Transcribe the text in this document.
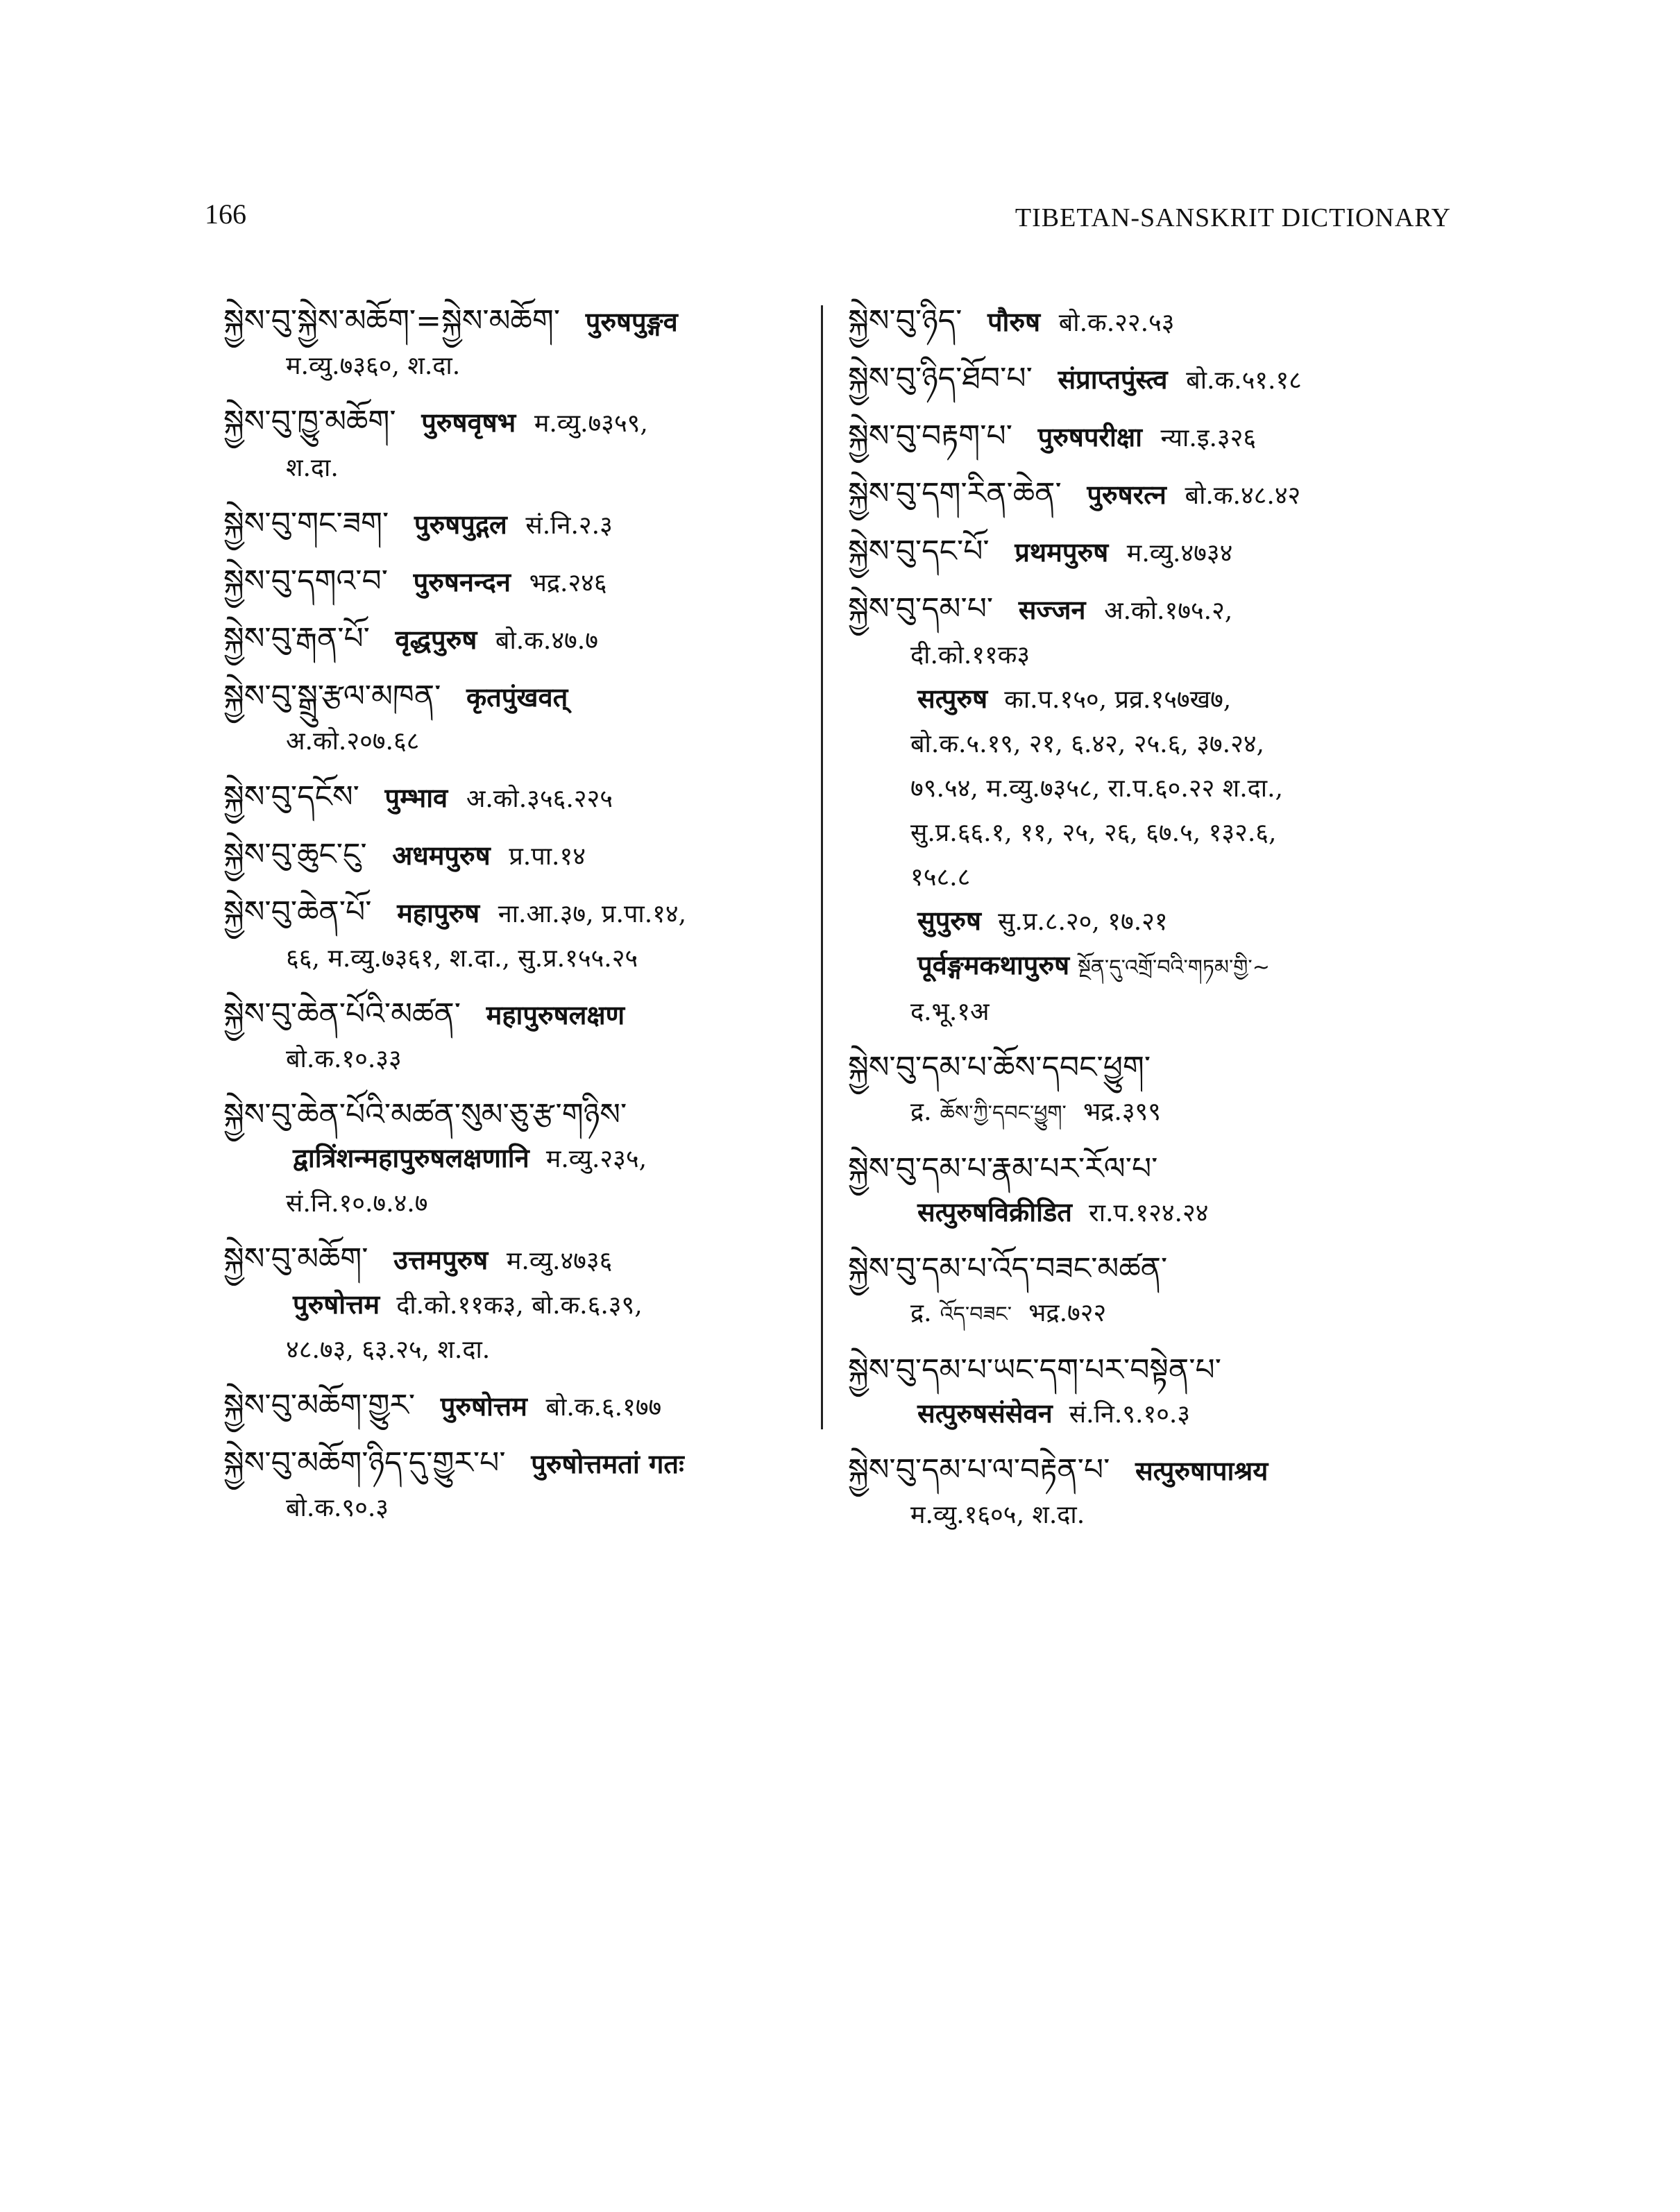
166	TIBETAN-SANSKRIT DICTIONARY
སྐྱེས་བུ་སྐྱེས་མཆོག་=སྐྱེས་མཆོག་ पुरुषपुङ्गव
म.व्यु.७३६०, श.दा.
སྐྱེས་བུ་ཁྱུ་མཆོག་ पुरुषवृषभ म.व्यु.७३५९,
श.दा.
སྐྱེས་བུ་གང་ཟག་ पुरुषपुद्गल सं.नि.२.३
སྐྱེས་བུ་དགའ་བ་ पुरुषनन्दन भद्र.२४६
སྐྱེས་བུ་རྒན་པོ་ वृद्धपुरुष बो.क.४७.७
སྐྱེས་བུ་སྒྲུ་རྩལ་མཁན་ कृतपुंखवत्
अ.को.२०७.६८
སྐྱེས་བུ་དངོས་ पुम्भाव अ.को.३५६.२२५
སྐྱེས་བུ་ཆུང་ངུ་ अधमपुरुष प्र.पा.१४
སྐྱེས་བུ་ཆེན་པོ་ महापुरुष ना.आ.३७, प्र.पा.१४,
६६, म.व्यु.७३६१, श.दा., सु.प्र.१५५.२५
སྐྱེས་བུ་ཆེན་པོའི་མཚན་ महापुरुषलक्षण
बो.क.१०.३३
སྐྱེས་བུ་ཆེན་པོའི་མཚན་སུམ་ཅུ་རྩ་གཉིས་
द्वात्रिंशन्महापुरुषलक्षणानि म.व्यु.२३५,
सं.नि.१०.७.४.७
སྐྱེས་བུ་མཆོག་ उत्तमपुरुष म.व्यु.४७३६
पुरुषोत्तम दी.को.११क३, बो.क.६.३९,
४८.७३, ६३.२५, श.दा.
སྐྱེས་བུ་མཆོག་གྱུར་ पुरुषोत्तम बो.क.६.१७७
སྐྱེས་བུ་མཆོག་ཉིད་དུ་གྱུར་པ་ पुरुषोत्तमतां गतः
बो.क.९०.३
སྐྱེས་བུ་ཉིད་ पौरुष बो.क.२२.५३
སྐྱེས་བུ་ཉིད་ཐོབ་པ་ संप्राप्तपुंस्त्व बो.क.५१.१८
སྐྱེས་བུ་བརྟག་པ་ पुरुषपरीक्षा न्या.इ.३२६
སྐྱེས་བུ་དག་རིན་ཆེན་ पुरुषरत्न बो.क.४८.४२
སྐྱེས་བུ་དང་པོ་ प्रथमपुरुष म.व्यु.४७३४
སྐྱེས་བུ་དམ་པ་ सज्जन अ.को.१७५.२,
दी.को.११क३
सत्पुरुष का.प.१५०, प्रव्र.१५७ख७,
बो.क.५.१९, २१, ६.४२, २५.६, ३७.२४,
७९.५४, म.व्यु.७३५८, रा.प.६०.२२ श.दा.,
सु.प्र.६६.१, ११, २५, २६, ६७.५, १३२.६,
१५८.८
सुपुरुष सु.प्र.८.२०, १७.२१
पूर्वङ्गमकथापुरुष སྔོན་དུ་འགྲོ་བའི་གཏམ་གྱི་~
द.भू.१अ
སྐྱེས་བུ་དམ་པ་ཆོས་དབང་ཕྱུག་
द्र. ཆོས་ཀྱི་དབང་ཕྱུག་ भद्र.३९९
སྐྱེས་བུ་དམ་པ་རྣམ་པར་རོལ་པ་
सत्पुरुषविक्रीडित रा.प.१२४.२४
སྐྱེས་བུ་དམ་པ་འོད་བཟང་མཚན་
द्र. འོད་བཟང་ भद्र.७२२
སྐྱེས་བུ་དམ་པ་ཡང་དག་པར་བསྟེན་པ་
सत्पुरुषसंसेवन सं.नि.९.१०.३
སྐྱེས་བུ་དམ་པ་ལ་བརྟེན་པ་ सत्पुरुषापाश्रय
म.व्यु.१६०५, श.दा.
